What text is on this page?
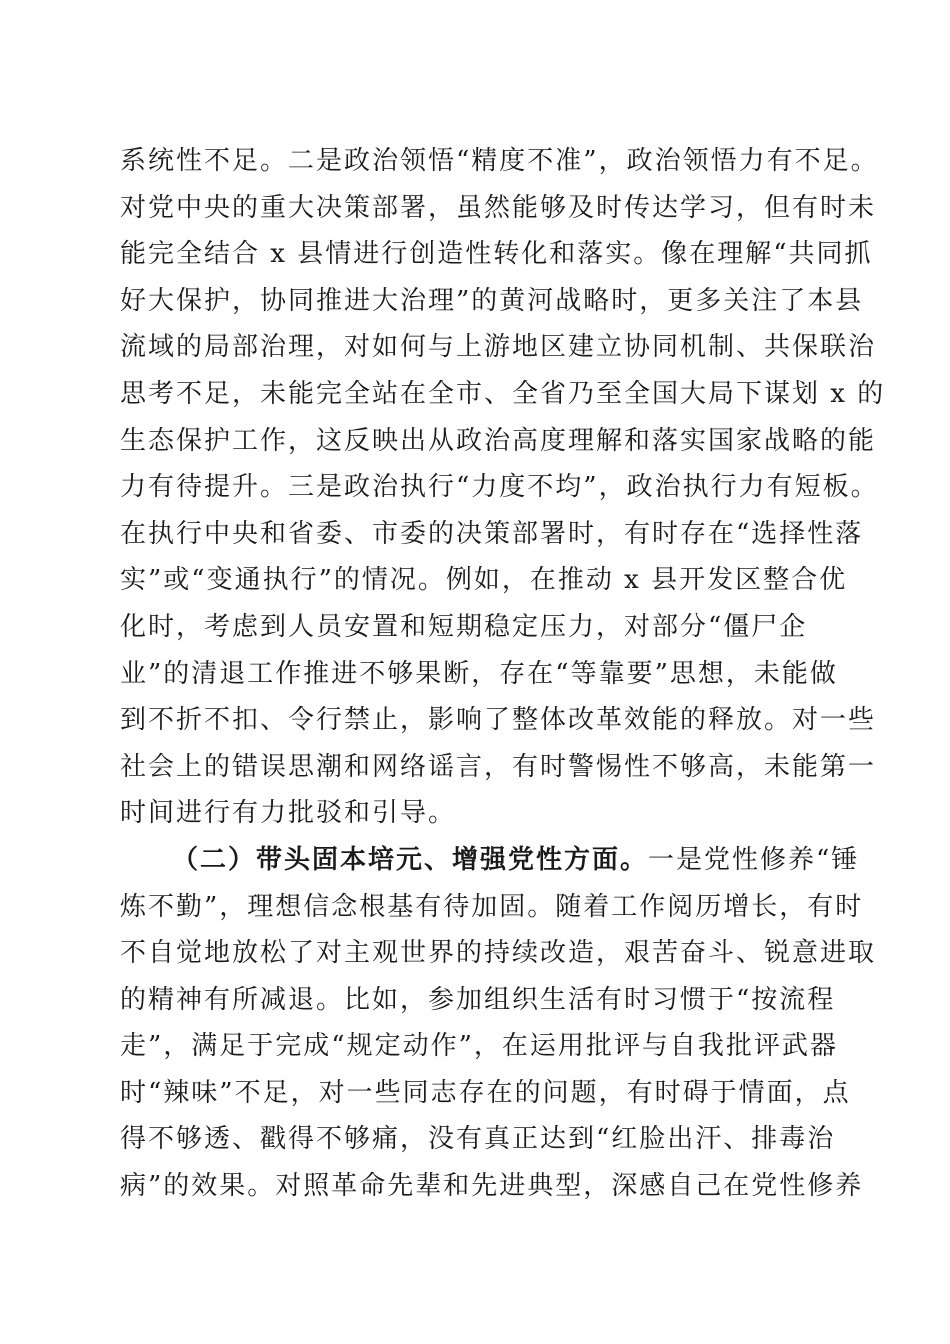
系统性不足。二是政治领悟“精度不准”，政治领悟力有不足。
对党中央的重大决策部署，虽然能够及时传达学习，但有时未
能完全结合 x 县情进行创造性转化和落实。像在理解“共同抓
好大保护，协同推进大治理”的黄河战略时，更多关注了本县
流域的局部治理，对如何与上游地区建立协同机制、共保联治
思考不足，未能完全站在全市、全省乃至全国大局下谋划 x 的
生态保护工作，这反映出从政治高度理解和落实国家战略的能
力有待提升。三是政治执行“力度不均”，政治执行力有短板。
在执行中央和省委、市委的决策部署时，有时存在“选择性落
实”或“变通执行”的情况。例如，在推动 x 县开发区整合优
化时，考虑到人员安置和短期稳定压力，对部分“僵尸企
业”的清退工作推进不够果断，存在“等靠要”思想，未能做
到不折不扣、令行禁止，影响了整体改革效能的释放。对一些
社会上的错误思潮和网络谣言，有时警惕性不够高，未能第一
时间进行有力批驳和引导。
（二）带头固本培元、增强党性方面。一是党性修养“锤
炼不勤”，理想信念根基有待加固。随着工作阅历增长，有时
不自觉地放松了对主观世界的持续改造，艰苦奋斗、锐意进取
的精神有所减退。比如，参加组织生活有时习惯于“按流程
走”，满足于完成“规定动作”，在运用批评与自我批评武器
时“辣味”不足，对一些同志存在的问题，有时碍于情面，点
得不够透、戳得不够痛，没有真正达到“红脸出汗、排毒治
病”的效果。对照革命先辈和先进典型，深感自己在党性修养
